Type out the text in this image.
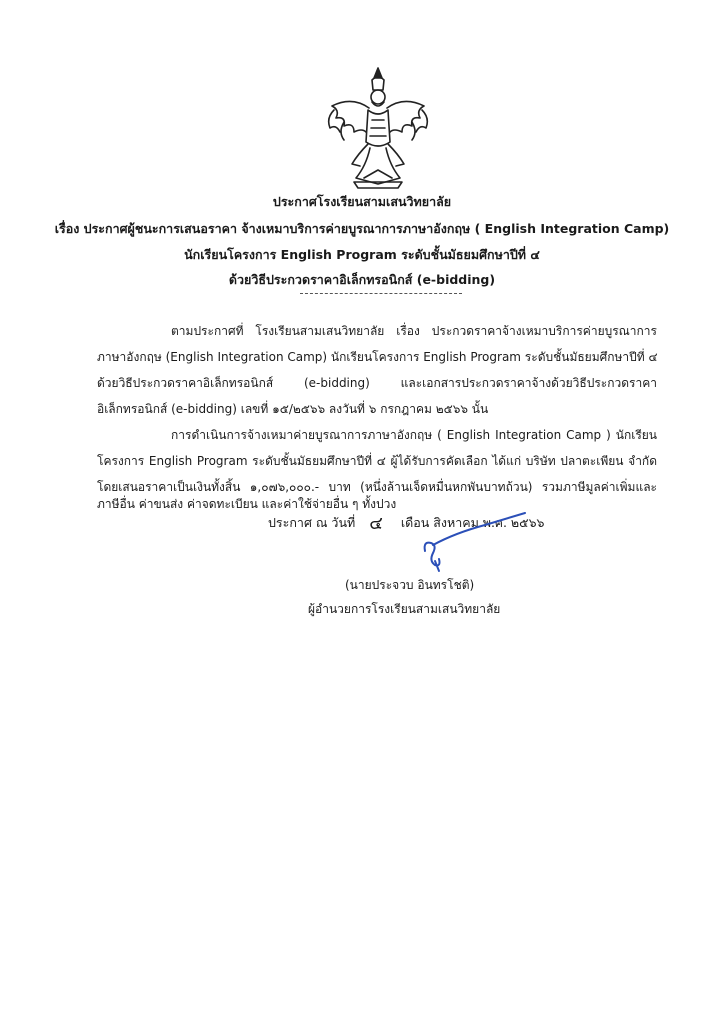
ประกาศโรงเรียนสามเสนวิทยาลัย
เรื่อง ประกาศผู้ชนะการเสนอราคา จ้างเหมาบริการค่ายบูรณาการภาษาอังกฤษ ( English Integration Camp)
นักเรียนโครงการ English Program ระดับชั้นมัธยมศึกษาปีที่ ๔
ด้วยวิธีประกวดราคาอิเล็กทรอนิกส์ (e-bidding)
ตามประกาศที่ โรงเรียนสามเสนวิทยาลัย เรื่อง ประกวดราคาจ้างเหมาบริการค่ายบูรณาการ
ภาษาอังกฤษ (English Integration Camp) นักเรียนโครงการ English Program ระดับชั้นมัธยมศึกษาปีที่ ๔
ด้วยวิธีประกวดราคาอิเล็กทรอนิกส์ (e-bidding) และเอกสารประกวดราคาจ้างด้วยวิธีประกวดราคา
อิเล็กทรอนิกส์ (e-bidding) เลขที่ ๑๕/๒๕๖๖ ลงวันที่ ๖ กรกฎาคม ๒๕๖๖ นั้น
การดำเนินการจ้างเหมาค่ายบูรณาการภาษาอังกฤษ ( English Integration Camp ) นักเรียน
โครงการ English Program ระดับชั้นมัธยมศึกษาปีที่ ๔ ผู้ได้รับการคัดเลือก ได้แก่ บริษัท ปลาตะเพียน จำกัด
โดยเสนอราคาเป็นเงินทั้งสิ้น ๑,๐๗๖,๐๐๐.- บาท (หนึ่งล้านเจ็ดหมื่นหกพันบาทถ้วน) รวมภาษีมูลค่าเพิ่มและ
ประกาศ ณ วันที่ ๔ เดือน สิงหาคม พ.ศ. ๒๕๖๖
(นายประจวบ อินทรโชติ)
ผู้อำนวยการโรงเรียนสามเสนวิทยาลัย
ภาษีอื่น ค่าขนส่ง ค่าจดทะเบียน และค่าใช้จ่ายอื่น ๆ ทั้งปวง
